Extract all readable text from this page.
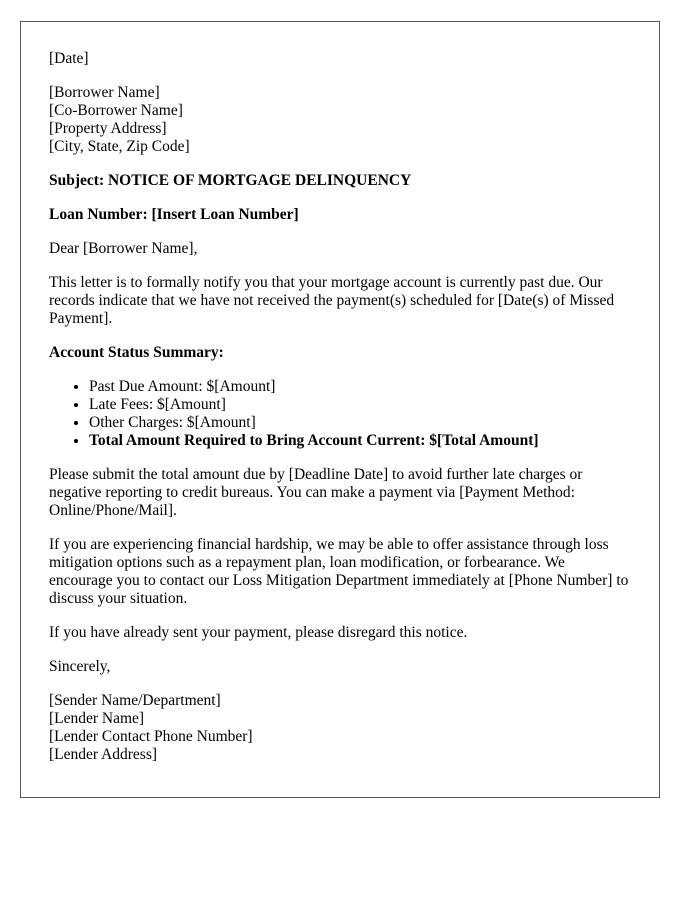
[Date]
[Borrower Name]
[Co-Borrower Name]
[Property Address]
[City, State, Zip Code]

Subject: NOTICE OF MORTGAGE DELINQUENCY

Loan Number: [Insert Loan Number]

Dear [Borrower Name],

This letter is to formally notify you that your mortgage account is currently past due. Our records indicate that we have not received the payment(s) scheduled for [Date(s) of Missed Payment].

Account Status Summary:

• Past Due Amount: $[Amount]
• Late Fees: $[Amount]
• Other Charges: $[Amount]
• Total Amount Required to Bring Account Current: $[Total Amount]

Please submit the total amount due by [Deadline Date] to avoid further late charges or negative reporting to credit bureaus. You can make a payment via [Payment Method: Online/Phone/Mail].

If you are experiencing financial hardship, we may be able to offer assistance through loss mitigation options such as a repayment plan, loan modification, or forbearance. We encourage you to contact our Loss Mitigation Department immediately at [Phone Number] to discuss your situation.

If you have already sent your payment, please disregard this notice.

Sincerely,

[Sender Name/Department]
[Lender Name]
[Lender Contact Phone Number]
[Lender Address]
